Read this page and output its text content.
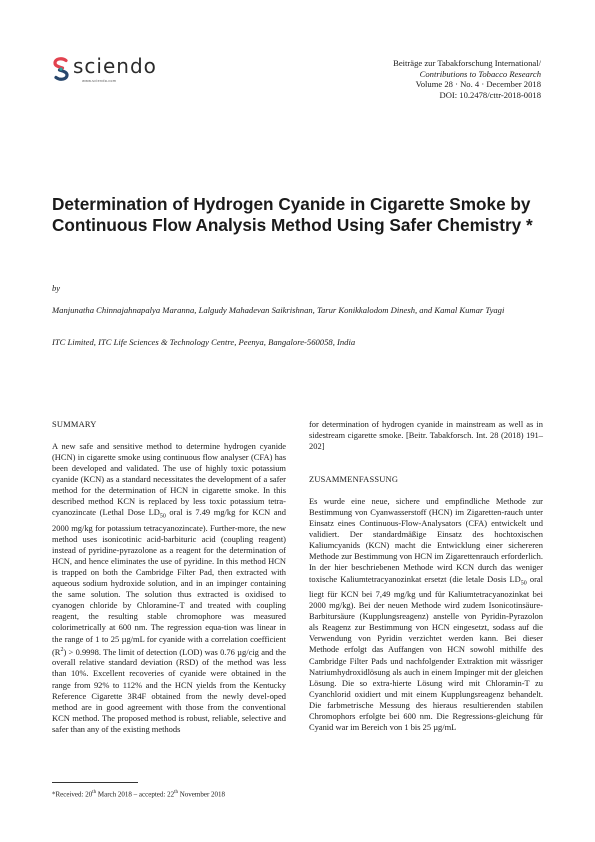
sciendo
www.sciendo.com
Beiträge zur Tabakforschung International/
Contributions to Tobacco Research
Volume 28 · No. 4 · December 2018
DOI: 10.2478/cttr-2018-0018
Determination of Hydrogen Cyanide in Cigarette Smoke by Continuous Flow Analysis Method Using Safer Chemistry *
by
Manjunatha Chinnajahnapalya Maranna, Lalgudy Mahadevan Saikrishnan, Tarur Konikkalodom Dinesh, and Kamal Kumar Tyagi
ITC Limited, ITC Life Sciences & Technology Centre, Peenya, Bangalore-560058, India
SUMMARY

A new safe and sensitive method to determine hydrogen cyanide (HCN) in cigarette smoke using continuous flow analyser (CFA) has been developed and validated. The use of highly toxic potassium cyanide (KCN) as a standard necessitates the development of a safer method for the determination of HCN in cigarette smoke. In this described method KCN is replaced by less toxic potassium tetra-cyanozincate (Lethal Dose $LD_{50}$ oral is 7.49 mg/kg for KCN and 2000 mg/kg for potassium tetracyanozincate). Further-more, the new method uses isonicotinic acid-barbituric acid (coupling reagent) instead of pyridine-pyrazolone as a reagent for the determination of HCN, and hence eliminates the use of pyridine. In this method HCN is trapped on both the Cambridge Filter Pad, then extracted with aqueous sodium hydroxide solution, and in an impinger containing the same solution. The solution thus extracted is oxidised to cyanogen chloride by Chloramine-T and treated with coupling reagent, the resulting stable chromophore was measured colorimetrically at 600 nm. The regression equa-tion was linear in the range of 1 to 25 µg/mL for cyanide with a correlation coefficient $(R^2) > 0.9998$. The limit of detection (LOD) was 0.76 µg/cig and the overall relative standard deviation (RSD) of the method was less than 10%. Excellent recoveries of cyanide were obtained in the range from 92% to 112% and the HCN yields from the Kentucky Reference Cigarette 3R4F obtained from the newly devel-oped method are in good agreement with those from the conventional KCN method. The proposed method is robust, reliable, selective and safer than any of the existing methods

for determination of hydrogen cyanide in mainstream as well as in sidestream cigarette smoke. [Beitr. Tabakforsch. Int. 28 (2018) 191–202]

ZUSAMMENFASSUNG

Es wurde eine neue, sichere und empfindliche Methode zur Bestimmung von Cyanwasserstoff (HCN) im Zigaretten-rauch unter Einsatz eines Continuous-Flow-Analysators (CFA) entwickelt und validiert. Der standardmäßige Einsatz des hochtoxischen Kaliumcyanids (KCN) macht die Entwicklung einer sichereren Methode zur Bestimmung von HCN im Zigarettenrauch erforderlich. In der hier beschriebenen Methode wird KCN durch das weniger toxische Kaliumtetracyanozinkat ersetzt (die letale Dosis $LD_{50}$ oral liegt für KCN bei 7,49 mg/kg und für Kaliumtetracyanozinkat bei 2000 mg/kg). Bei der neuen Methode wird zudem Isonicotinsäure-Barbitursäure (Kupplungsreagenz) anstelle von Pyridin-Pyrazolon als Reagenz zur Bestimmung von HCN eingesetzt, sodass auf die Verwendung von Pyridin verzichtet werden kann. Bei dieser Methode erfolgt das Auffangen von HCN sowohl mithilfe des Cambridge Filter Pads und nachfolgender Extraktion mit wässriger Natriumhydroxidlösung als auch in einem Impinger mit der gleichen Lösung. Die so extra-hierte Lösung wird mit Chloramin-T zu Cyanchlorid oxidiert und mit einem Kupplungsreagenz behandelt. Die farbmetrische Messung des hieraus resultierenden stabilen Chromophors erfolgte bei 600 nm. Die Regressions-gleichung für Cyanid war im Bereich von 1 bis 25 µg/mL

*Received: 20th March 2018 – accepted: 22th November 2018
